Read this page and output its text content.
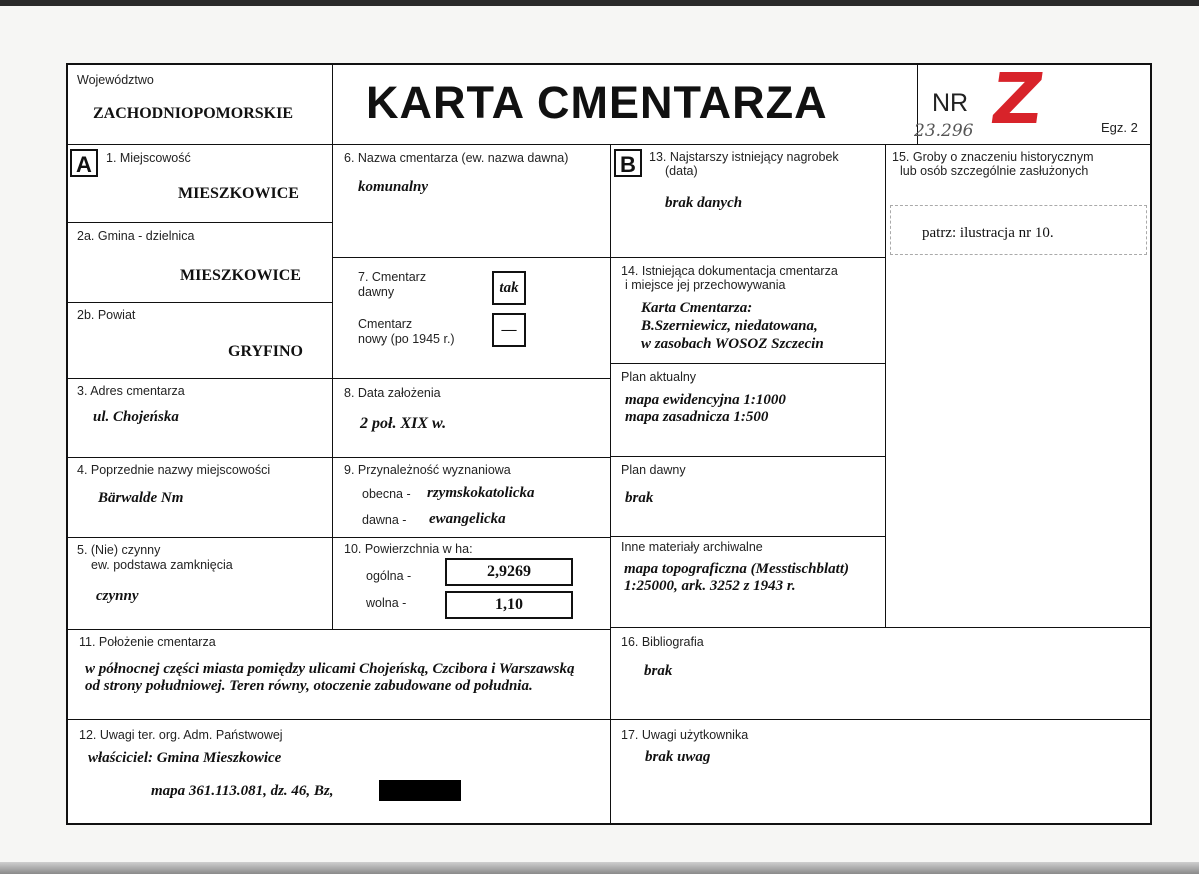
Województwo
ZACHODNIOPOMORSKIE KARTA CMENTARZA	NR Z
23.296	Egz. 2
A	1. Miejscowość
MIESZKOWICE
2a. Gmina - dzielnica
MIESZKOWICE
2b. Powiat
GRYFINO
3. Adres cmentarza
ul. Chojeńska
4. Poprzednie nazwy miejscowości
Bärwalde Nm
5. (Nie) czynny
ew. podstawa zamknięcia
czynny
6. Nazwa cmentarza (ew. nazwa dawna)
komunalny
7. Cmentarz
dawny	tak
Cmentarz
nowy (po 1945 r.)
—
8. Data założenia
2 poł. XIX w.
9. Przynależność wyznaniowa
obecna - rzymskokatolicka
dawna - ewangelicka
10. Powierzchnia w ha:
ogólna -	2,9269
wolna -	1,10
B	13. Najstarszy istniejący nagrobek
(data)
brak danych
14. Istniejąca dokumentacja cmentarza
i miejsce jej przechowywania
Karta Cmentarza:
B.Szerniewicz, niedatowana,
w zasobach WOSOZ Szczecin
Plan aktualny
mapa ewidencyjna 1:1000
mapa zasadnicza 1:500
Plan dawny
brak
Inne materiały archiwalne
mapa topograficzna (Messtischblatt)
1:25000, ark. 3252 z 1943 r.
15. Groby o znaczeniu historycznym
lub osób szczególnie zasłużonych
patrz: ilustracja nr 10.
11. Położenie cmentarza
w północnej części miasta pomiędzy ulicami Chojeńską, Czcibora i Warszawską
od strony południowej. Teren równy, otoczenie zabudowane od południa.
16. Bibliografia
brak
12. Uwagi ter. org. Adm. Państwowej
właściciel: Gmina Mieszkowice
mapa 361.113.081, dz. 46, Bz,
17. Uwagi użytkownika
brak uwag
